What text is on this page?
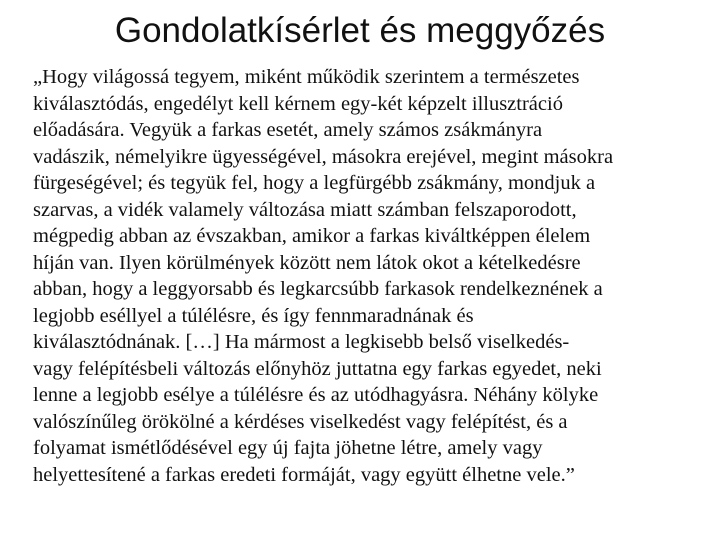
Gondolatkísérlet és meggyőzés
„Hogy világossá tegyem, miként működik szerintem a természetes
kiválasztódás, engedélyt kell kérnem egy-két képzelt illusztráció
előadására. Vegyük a farkas esetét, amely számos zsákmányra
vadászik, némelyikre ügyességével, másokra erejével, megint másokra
fürgeségével; és tegyük fel, hogy a legfürgébb zsákmány, mondjuk a
szarvas, a vidék valamely változása miatt számban felszaporodott,
mégpedig abban az évszakban, amikor a farkas kiváltképpen élelem
híján van. Ilyen körülmények között nem látok okot a kételkedésre
abban, hogy a leggyorsabb és legkarcsúbb farkasok rendelkeznének a
legjobb eséllyel a túlélésre, és így fennmaradnának és
kiválasztódnának. […] Ha mármost a legkisebb belső viselkedés-
vagy felépítésbeli változás előnyhöz juttatna egy farkas egyedet, neki
lenne a legjobb esélye a túlélésre és az utódhagyásra. Néhány kölyke
valószínűleg örökölné a kérdéses viselkedést vagy felépítést, és a
folyamat ismétlődésével egy új fajta jöhetne létre, amely vagy
helyettesítené a farkas eredeti formáját, vagy együtt élhetne vele.”
